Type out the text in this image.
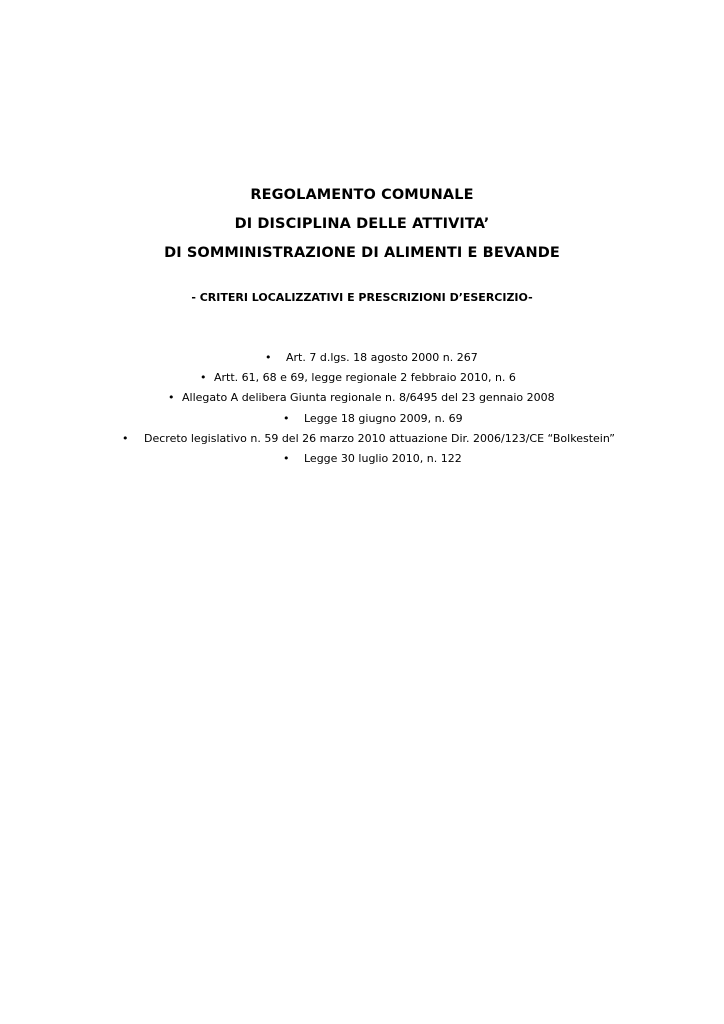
REGOLAMENTO COMUNALE
DI DISCIPLINA DELLE ATTIVITA’
DI SOMMINISTRAZIONE DI ALIMENTI E BEVANDE
- CRITERI LOCALIZZATIVI E PRESCRIZIONI D’ESERCIZIO-
• Art. 7 d.lgs. 18 agosto 2000 n. 267
• Artt. 61, 68 e 69, legge regionale 2 febbraio 2010, n. 6
• Allegato A delibera Giunta regionale n. 8/6495 del 23 gennaio 2008
• Legge 18 giugno 2009, n. 69
• Decreto legislativo n. 59 del 26 marzo 2010 attuazione Dir. 2006/123/CE “Bolkestein”
• Legge 30 luglio 2010, n. 122
